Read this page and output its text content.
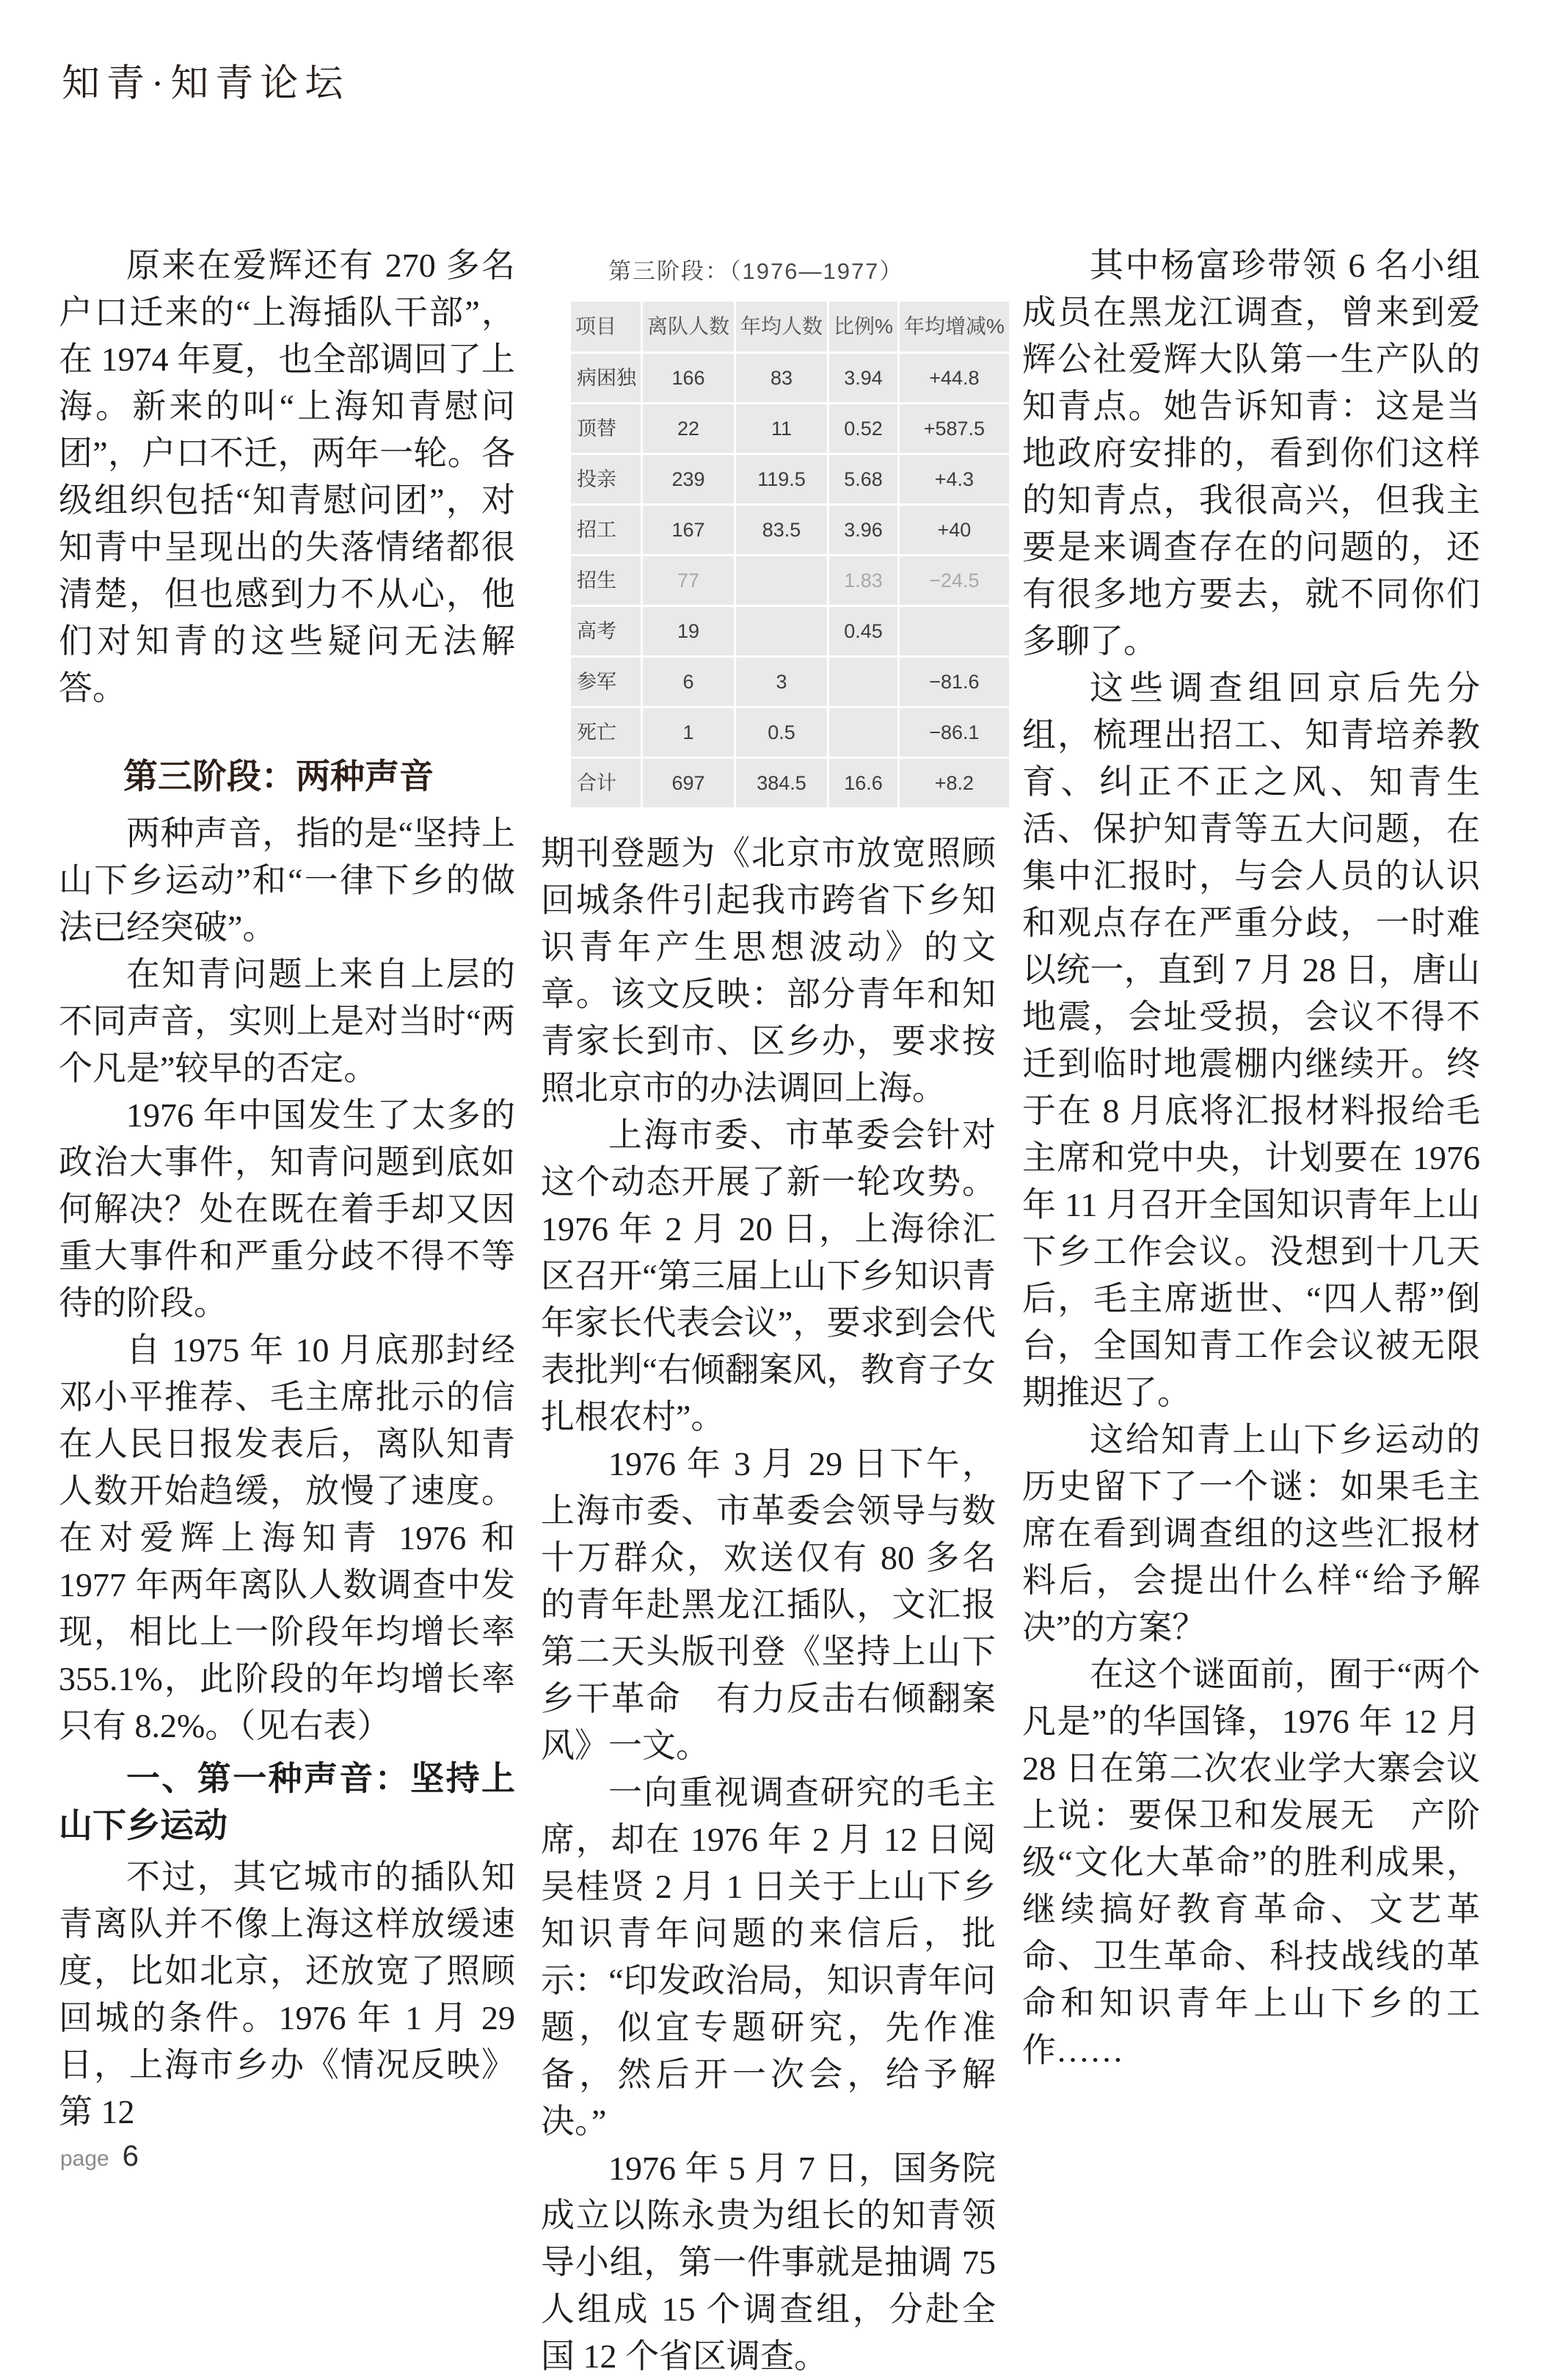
知青·知青论坛

原来在爱辉还有 270 多名户口迁来的“上海插队干部”，在 1974 年夏，也全部调回了上海。新来的叫“上海知青慰问团”，户口不迁，两年一轮。各级组织包括“知青慰问团”，对知青中呈现出的失落情绪都很清楚，但也感到力不从心，他们对知青的这些疑问无法解答。

第三阶段：两种声音

两种声音，指的是“坚持上山下乡运动”和“一律下乡的做法已经突破”。

在知青问题上来自上层的不同声音，实则上是对当时“两个凡是”较早的否定。

1976 年中国发生了太多的政治大事件，知青问题到底如何解决？处在既在着手却又因重大事件和严重分歧不得不等待的阶段。

自 1975 年 10 月底那封经邓小平推荐、毛主席批示的信在人民日报发表后，离队知青人数开始趋缓，放慢了速度。在对爱辉上海知青 1976 和 1977 年两年离队人数调查中发现，相比上一阶段年均增长率 355.1%，此阶段的年均增长率只有 8.2%。（见右表）

一、第一种声音：坚持上山下乡运动

不过，其它城市的插队知青离队并不像上海这样放缓速度，比如北京，还放宽了照顾回城的条件。1976 年 1 月 29 日，上海市乡办《情况反映》第 12

第三阶段：（1976—1977）
项目	离队人数	年均人数	比例%	年均增减%
病困独	166	83	3.94	+44.8
顶替	22	11	0.52	+587.5
投亲	239	119.5	5.68	+4.3
招工	167	83.5	3.96	+40
招生	77		1.83	−24.5
高考	19		0.45	
参军	6	3		−81.6
死亡	1	0.5		−86.1
合计	697	384.5	16.6	+8.2

期刊登题为《北京市放宽照顾回城条件引起我市跨省下乡知识青年产生思想波动》的文章。该文反映：部分青年和知青家长到市、区乡办，要求按照北京市的办法调回上海。

上海市委、市革委会针对这个动态开展了新一轮攻势。1976 年 2 月 20 日，上海徐汇区召开“第三届上山下乡知识青年家长代表会议”，要求到会代表批判“右倾翻案风，教育子女扎根农村”。

1976 年 3 月 29 日下午，上海市委、市革委会领导与数十万群众，欢送仅有 80 多名的青年赴黑龙江插队，文汇报第二天头版刊登《坚持上山下乡干革命　有力反击右倾翻案风》一文。

一向重视调查研究的毛主席，却在 1976 年 2 月 12 日阅吴桂贤 2 月 1 日关于上山下乡知识青年问题的来信后，批示：“印发政治局，知识青年问题，似宜专题研究，先作准备，然后开一次会，给予解决。”

1976 年 5 月 7 日，国务院成立以陈永贵为组长的知青领导小组，第一件事就是抽调 75 人组成 15 个调查组，分赴全国 12 个省区调查。

其中杨富珍带领 6 名小组成员在黑龙江调查，曾来到爱辉公社爱辉大队第一生产队的知青点。她告诉知青：这是当地政府安排的，看到你们这样的知青点，我很高兴，但我主要是来调查存在的问题的，还有很多地方要去，就不同你们多聊了。

这些调查组回京后先分组，梳理出招工、知青培养教育、纠正不正之风、知青生活、保护知青等五大问题，在集中汇报时，与会人员的认识和观点存在严重分歧，一时难以统一，直到 7 月 28 日，唐山地震，会址受损，会议不得不迁到临时地震棚内继续开。终于在 8 月底将汇报材料报给毛主席和党中央，计划要在 1976 年 11 月召开全国知识青年上山下乡工作会议。没想到十几天后，毛主席逝世、“四人帮”倒台，全国知青工作会议被无限期推迟了。

这给知青上山下乡运动的历史留下了一个谜：如果毛主席在看到调查组的这些汇报材料后，会提出什么样“给予解决”的方案？

在这个谜面前，囿于“两个凡是”的华国锋，1976 年 12 月 28 日在第二次农业学大寨会议上说：要保卫和发展无　产阶级“文化大革命”的胜利成果，继续搞好教育革命、文艺革命、卫生革命、科技战线的革命和知识青年上山下乡的工作……

page 6
